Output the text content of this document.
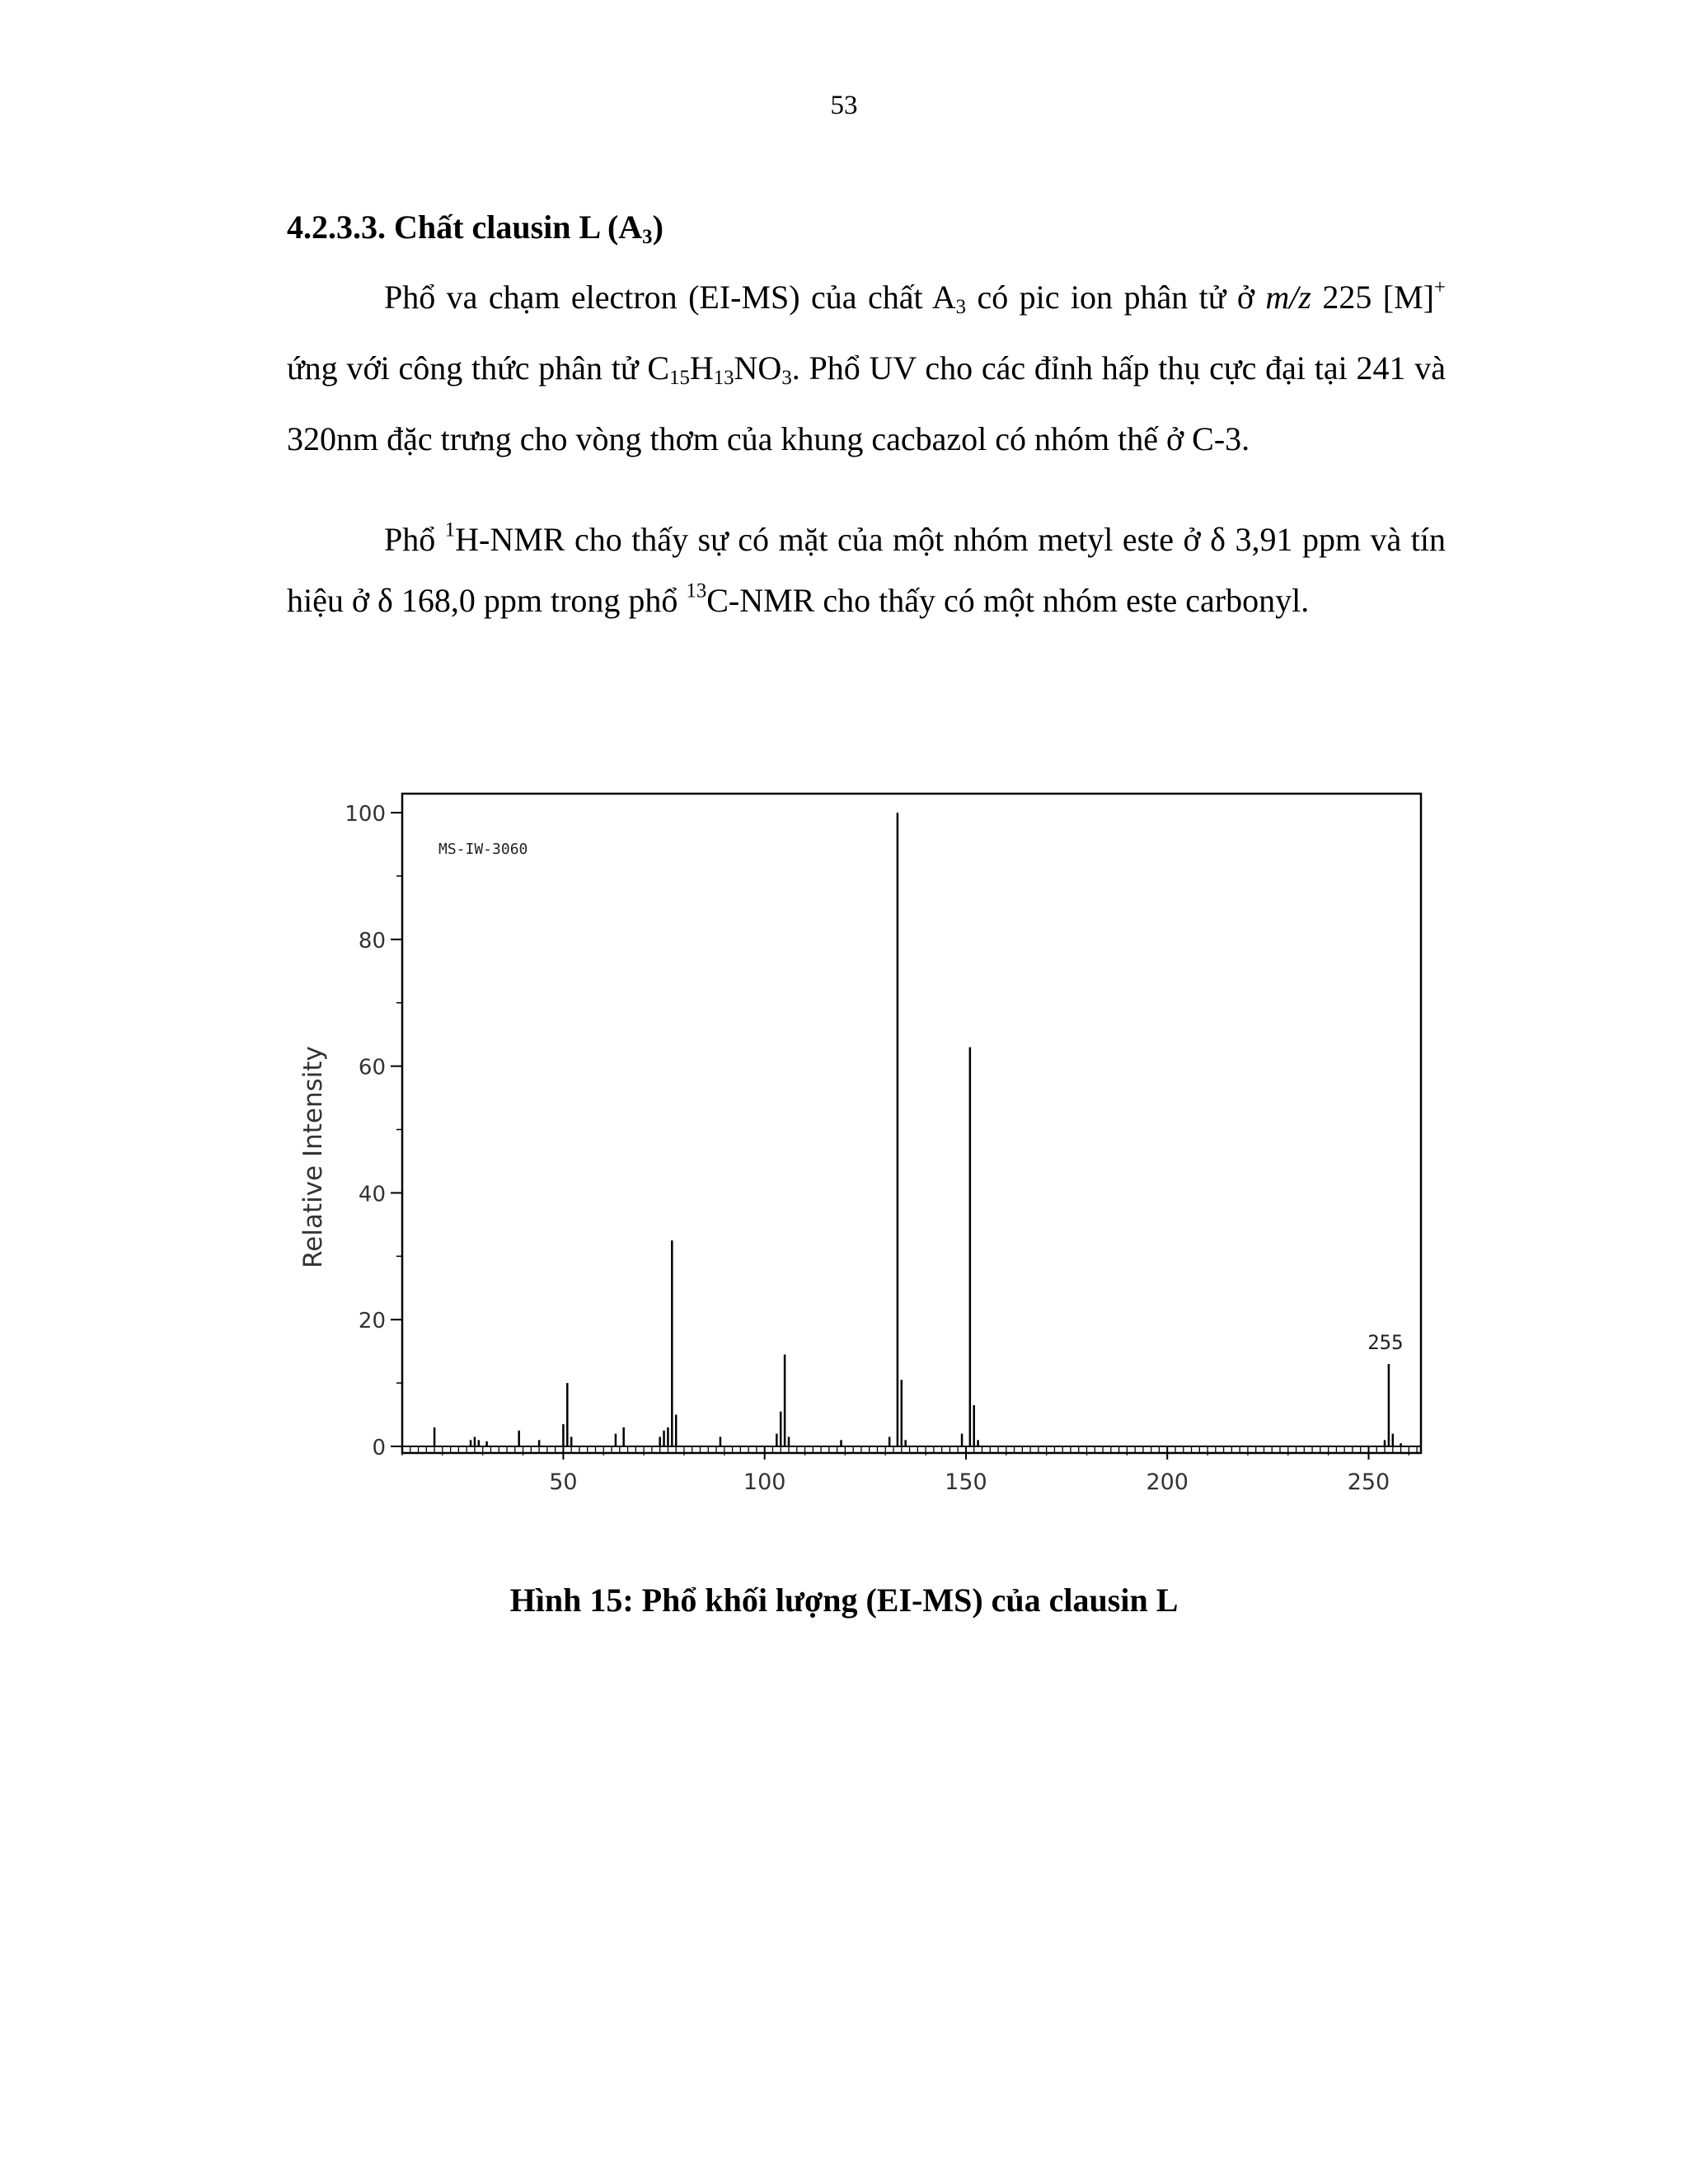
53
4.2.3.3. Chất clausin L $(A_3)$

Phổ va chạm electron (EI-MS) của chất $A_3$ có pic ion phân tử ở m/z 225 [M]+ ứng với công thức phân tử $C_{15}H_{13}NO_3$. Phổ UV cho các đỉnh hấp thụ cực đại tại 241 và 320nm đặc trưng cho vòng thơm của khung cacbazol có nhóm thế ở C-3.

Phổ $^1$H-NMR cho thấy sự có mặt của một nhóm metyl este ở δ 3,91 ppm và tín hiệu ở δ 168,0 ppm trong phổ $^{13}$C-NMR cho thấy có một nhóm este carbonyl.

MS-IW-3060
Relative Intensity
0
20
40
60
80
100
50	100	150	200	250
255
Hình 15: Phổ khối lượng (EI-MS) của clausin L
